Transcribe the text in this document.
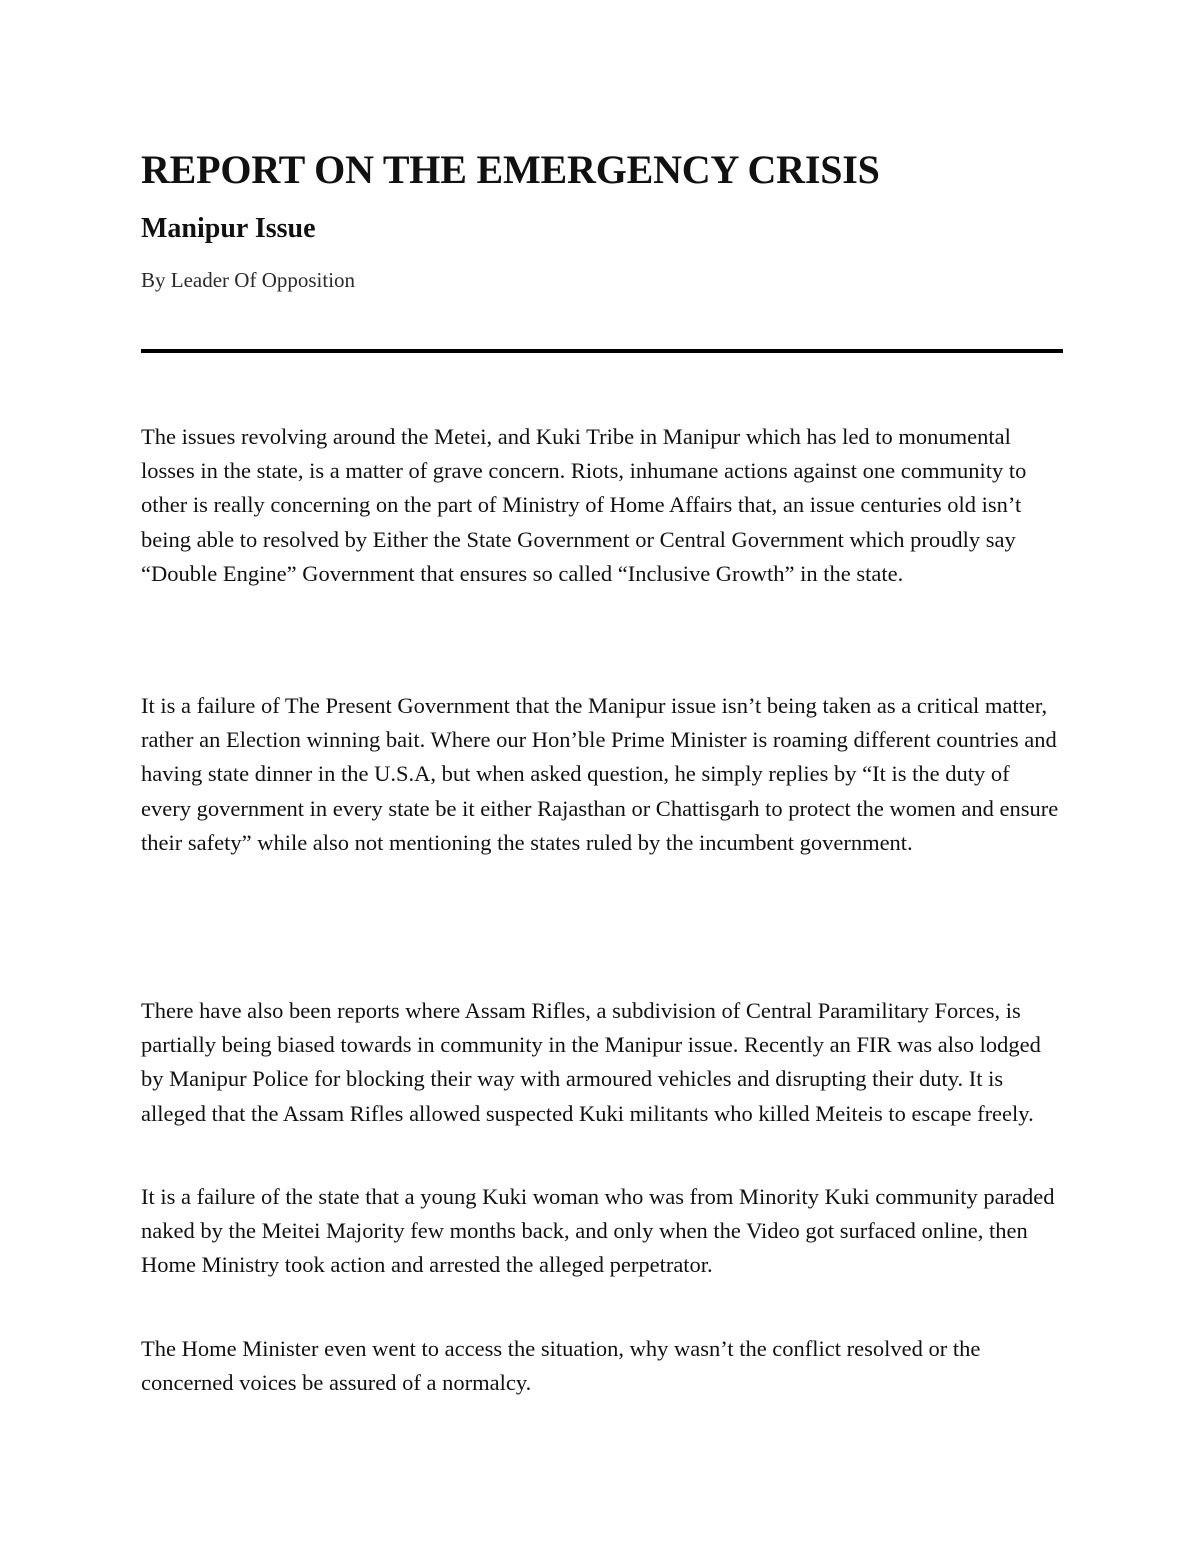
REPORT ON THE EMERGENCY CRISIS
Manipur Issue

By Leader Of Opposition

The issues revolving around the Metei, and Kuki Tribe in Manipur which has led to monumental losses in the state, is a matter of grave concern. Riots, inhumane actions against one community to other is really concerning on the part of Ministry of Home Affairs that, an issue centuries old isn’t being able to resolved by Either the State Government or Central Government which proudly say “Double Engine” Government that ensures so called “Inclusive Growth” in the state.

It is a failure of The Present Government that the Manipur issue isn’t being taken as a critical matter, rather an Election winning bait. Where our Hon’ble Prime Minister is roaming different countries and having state dinner in the U.S.A, but when asked question, he simply replies by “It is the duty of every government in every state be it either Rajasthan or Chattisgarh to protect the women and ensure their safety” while also not mentioning the states ruled by the incumbent government.

There have also been reports where Assam Rifles, a subdivision of Central Paramilitary Forces, is partially being biased towards in community in the Manipur issue. Recently an FIR was also lodged by Manipur Police for blocking their way with armoured vehicles and disrupting their duty. It is alleged that the Assam Rifles allowed suspected Kuki militants who killed Meiteis to escape freely.

It is a failure of the state that a young Kuki woman who was from Minority Kuki community paraded naked by the Meitei Majority few months back, and only when the Video got surfaced online, then Home Ministry took action and arrested the alleged perpetrator.

The Home Minister even went to access the situation, why wasn’t the conflict resolved or the concerned voices be assured of a normalcy.
